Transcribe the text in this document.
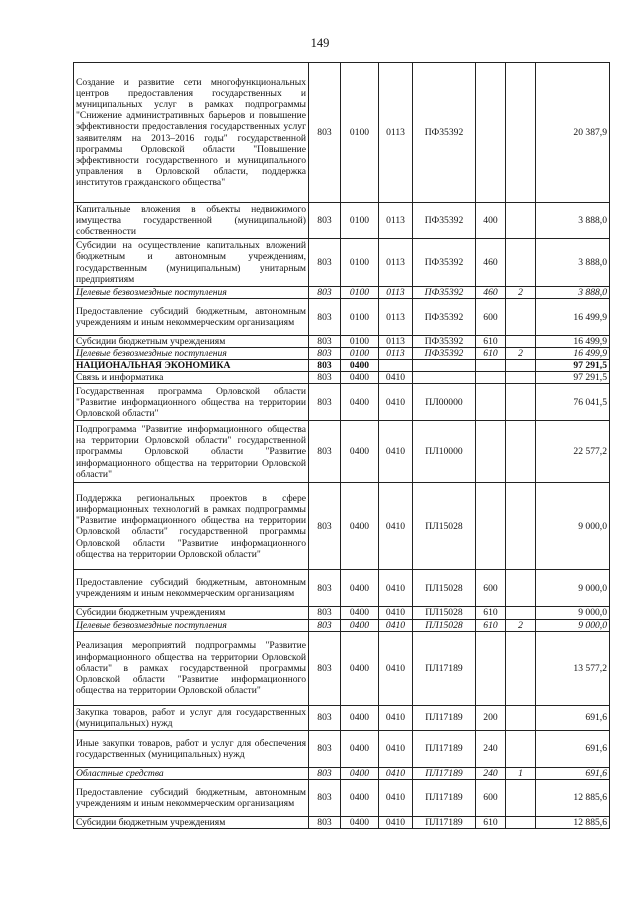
149
Создание и развитие сети многофункциональных центров предоставления государственных и муниципальных услуг в рамках подпрограммы "Снижение административных барьеров и повышение эффективности предоставления государственных услуг заявителям на 2013–2016 годы" государственной программы Орловской области "Повышение эффективности государственного и муниципального управления в Орловской области, поддержка институтов гражданского общества"	803	0100	0113	ПФ35392			20 387,9
Капитальные вложения в объекты недвижимого имущества государственной (муниципальной) собственности	803	0100	0113	ПФ35392	400		3 888,0
Субсидии на осуществление капитальных вложений бюджетным и автономным учреждениям, государственным (муниципальным) унитарным предприятиям	803	0100	0113	ПФ35392	460		3 888,0
Целевые безвозмездные поступления	803	0100	0113	ПФ35392	460	2	3 888,0
Предоставление субсидий бюджетным, автономным учреждениям и иным некоммерческим организациям	803	0100	0113	ПФ35392	600		16 499,9
Субсидии бюджетным учреждениям	803	0100	0113	ПФ35392	610		16 499,9
Целевые безвозмездные поступления	803	0100	0113	ПФ35392	610	2	16 499,9
НАЦИОНАЛЬНАЯ ЭКОНОМИКА	803	0400					97 291,5
Связь и информатика	803	0400	0410				97 291,5
Государственная программа Орловской области "Развитие информационного общества на территории Орловской области"	803	0400	0410	ПЛ00000			76 041,5
Подпрограмма "Развитие информационного общества на территории Орловской области" государственной программы Орловской области "Развитие информационного общества на территории Орловской области"	803	0400	0410	ПЛ10000			22 577,2
Поддержка региональных проектов в сфере информационных технологий в рамках подпрограммы "Развитие информационного общества на территории Орловской области" государственной программы Орловской области "Развитие информационного общества на территории Орловской области"	803	0400	0410	ПЛ15028			9 000,0
Предоставление субсидий бюджетным, автономным учреждениям и иным некоммерческим организациям	803	0400	0410	ПЛ15028	600		9 000,0
Субсидии бюджетным учреждениям	803	0400	0410	ПЛ15028	610		9 000,0
Целевые безвозмездные поступления	803	0400	0410	ПЛ15028	610	2	9 000,0
Реализация мероприятий подпрограммы "Развитие информационного общества на территории Орловской области" в рамках государственной программы Орловской области "Развитие информационного общества на территории Орловской области"	803	0400	0410	ПЛ17189			13 577,2
Закупка товаров, работ и услуг для государственных (муниципальных) нужд	803	0400	0410	ПЛ17189	200		691,6
Иные закупки товаров, работ и услуг для обеспечения государственных (муниципальных) нужд	803	0400	0410	ПЛ17189	240		691,6
Областные средства	803	0400	0410	ПЛ17189	240	1	691,6
Предоставление субсидий бюджетным, автономным учреждениям и иным некоммерческим организациям	803	0400	0410	ПЛ17189	600		12 885,6
Субсидии бюджетным учреждениям	803	0400	0410	ПЛ17189	610		12 885,6
